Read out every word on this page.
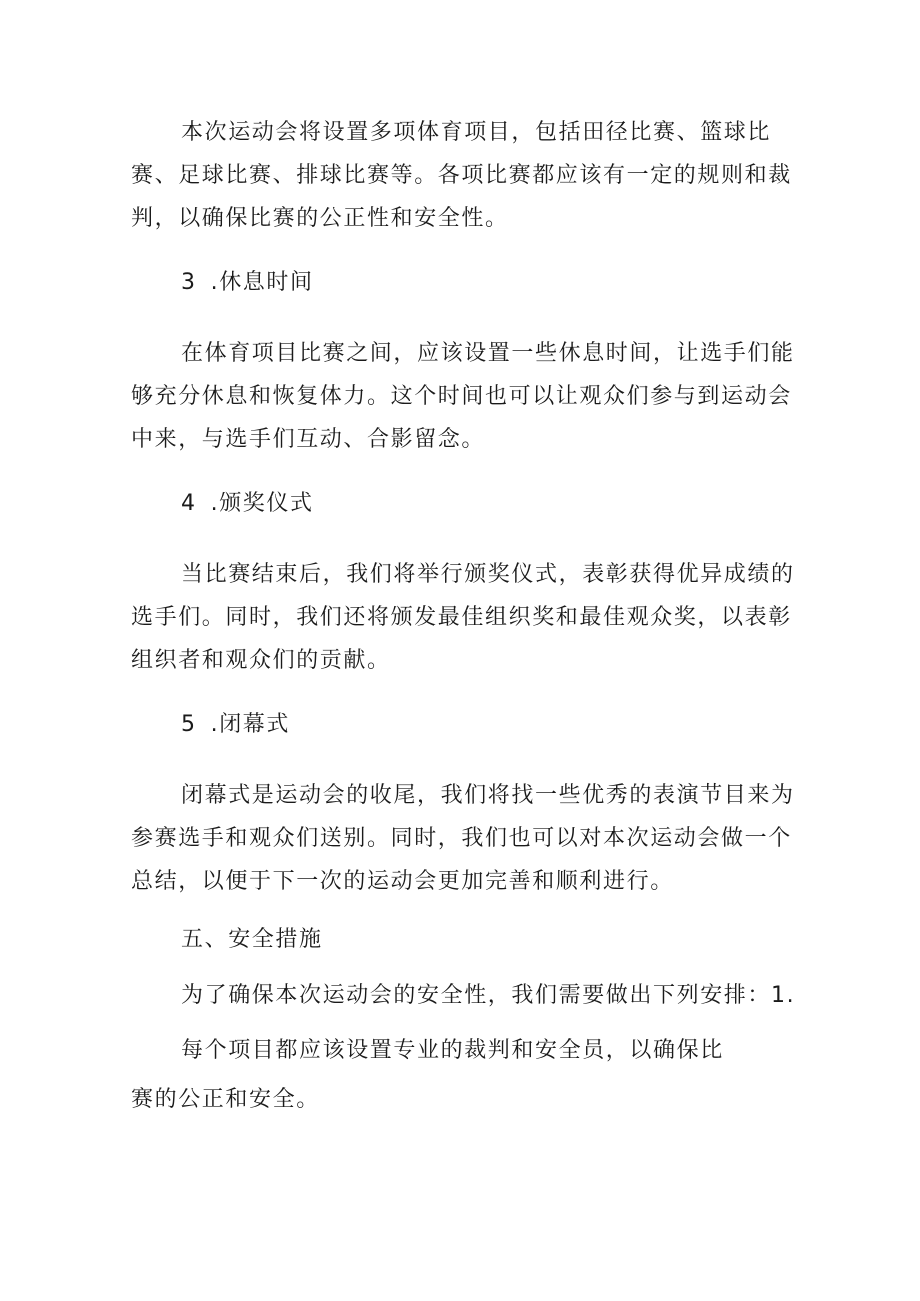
本次运动会将设置多项体育项目，包括田径比赛、篮球比赛、足球比赛、排球比赛等。各项比赛都应该有一定的规则和裁判，以确保比赛的公正性和安全性。

3 .休息时间

在体育项目比赛之间，应该设置一些休息时间，让选手们能够充分休息和恢复体力。这个时间也可以让观众们参与到运动会中来，与选手们互动、合影留念。

4 .颁奖仪式

当比赛结束后，我们将举行颁奖仪式，表彰获得优异成绩的选手们。同时，我们还将颁发最佳组织奖和最佳观众奖，以表彰组织者和观众们的贡献。

5 .闭幕式

闭幕式是运动会的收尾，我们将找一些优秀的表演节目来为参赛选手和观众们送别。同时，我们也可以对本次运动会做一个总结，以便于下一次的运动会更加完善和顺利进行。

五、安全措施

为了确保本次运动会的安全性，我们需要做出下列安排：1.

每个项目都应该设置专业的裁判和安全员，以确保比

赛的公正和安全。
